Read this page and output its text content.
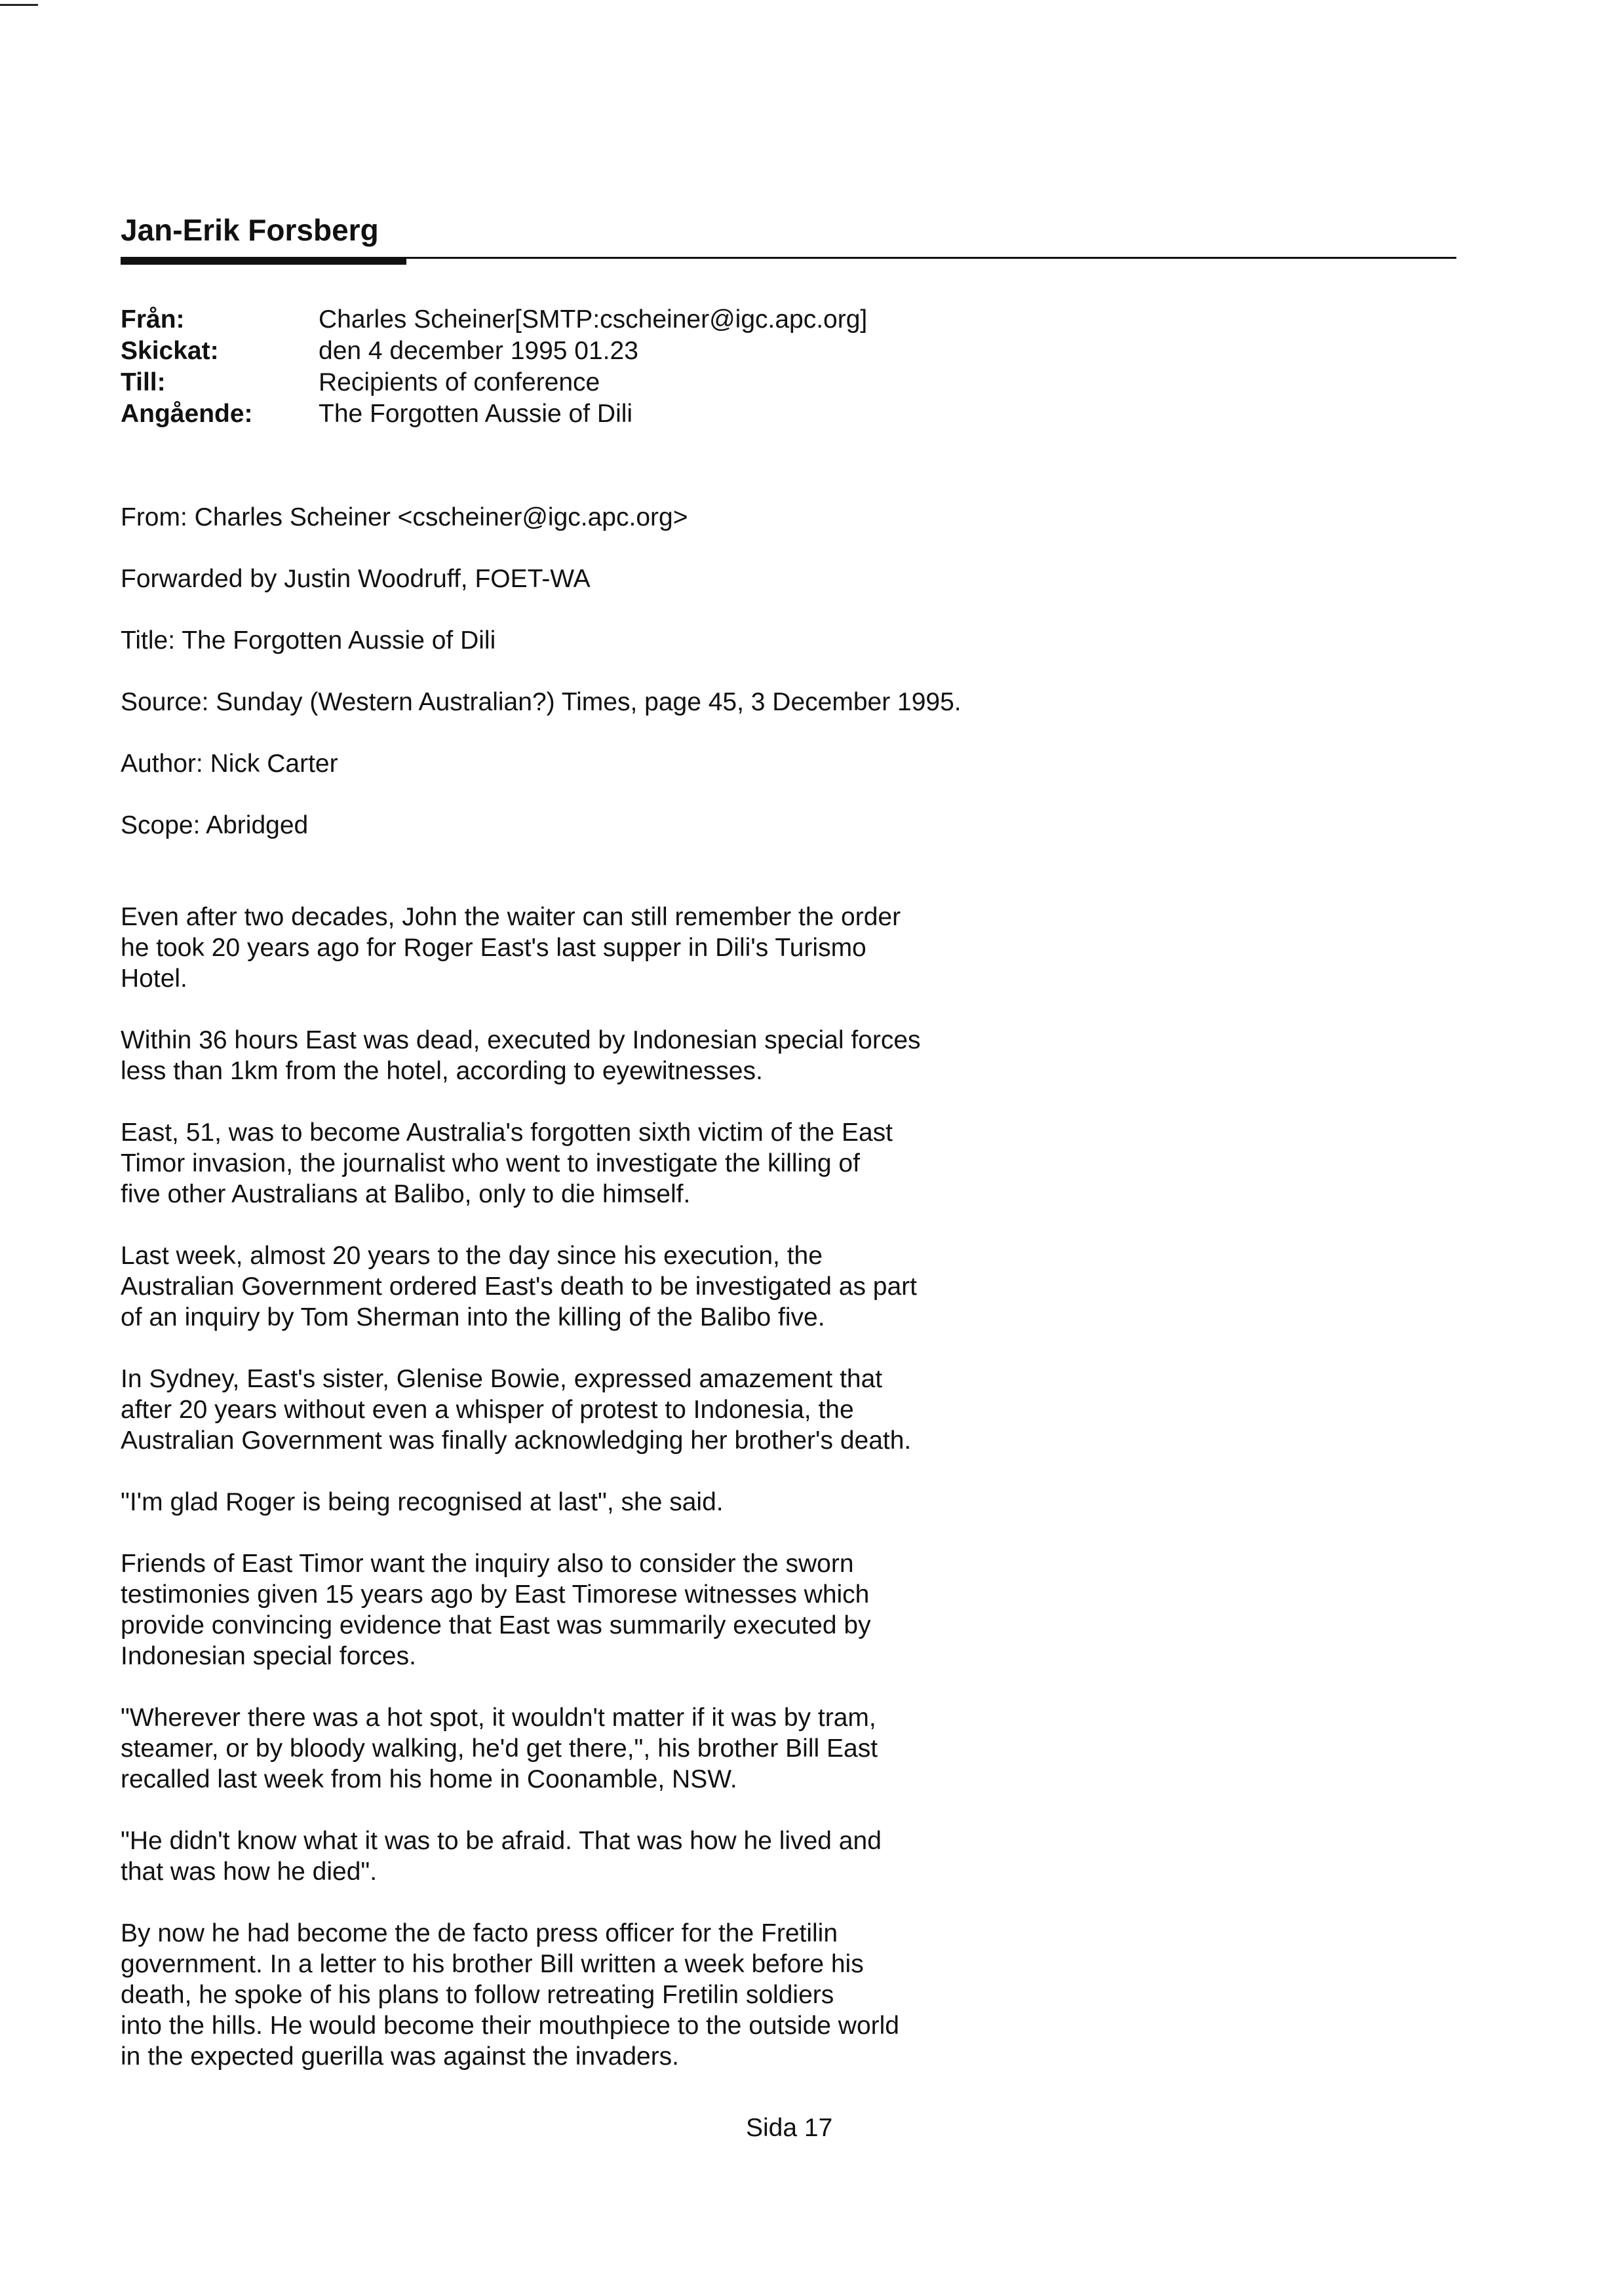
Jan-Erik Forsberg
Från:	Charles Scheiner[SMTP:cscheiner@igc.apc.org]
Skickat:	den 4 december 1995 01.23
Till:	Recipients of conference
Angående:	The Forgotten Aussie of Dili
From: Charles Scheiner <cscheiner@igc.apc.org>
Forwarded by Justin Woodruff, FOET-WA
Title: The Forgotten Aussie of Dili
Source: Sunday (Western Australian?) Times, page 45, 3 December 1995.
Author: Nick Carter
Scope: Abridged
Even after two decades, John the waiter can still remember the order
he took 20 years ago for Roger East's last supper in Dili's Turismo
Hotel.
Within 36 hours East was dead, executed by Indonesian special forces
less than 1km from the hotel, according to eyewitnesses.
East, 51, was to become Australia's forgotten sixth victim of the East
Timor invasion, the journalist who went to investigate the killing of
five other Australians at Balibo, only to die himself.
Last week, almost 20 years to the day since his execution, the
Australian Government ordered East's death to be investigated as part
of an inquiry by Tom Sherman into the killing of the Balibo five.
In Sydney, East's sister, Glenise Bowie, expressed amazement that
after 20 years without even a whisper of protest to Indonesia, the
Australian Government was finally acknowledging her brother's death.
"I'm glad Roger is being recognised at last", she said.
Friends of East Timor want the inquiry also to consider the sworn
testimonies given 15 years ago by East Timorese witnesses which
provide convincing evidence that East was summarily executed by
Indonesian special forces.
"Wherever there was a hot spot, it wouldn't matter if it was by tram,
steamer, or by bloody walking, he'd get there,", his brother Bill East
recalled last week from his home in Coonamble, NSW.
"He didn't know what it was to be afraid. That was how he lived and
that was how he died".
By now he had become the de facto press officer for the Fretilin
government. In a letter to his brother Bill written a week before his
death, he spoke of his plans to follow retreating Fretilin soldiers
into the hills. He would become their mouthpiece to the outside world
in the expected guerilla was against the invaders.
Sida 17
